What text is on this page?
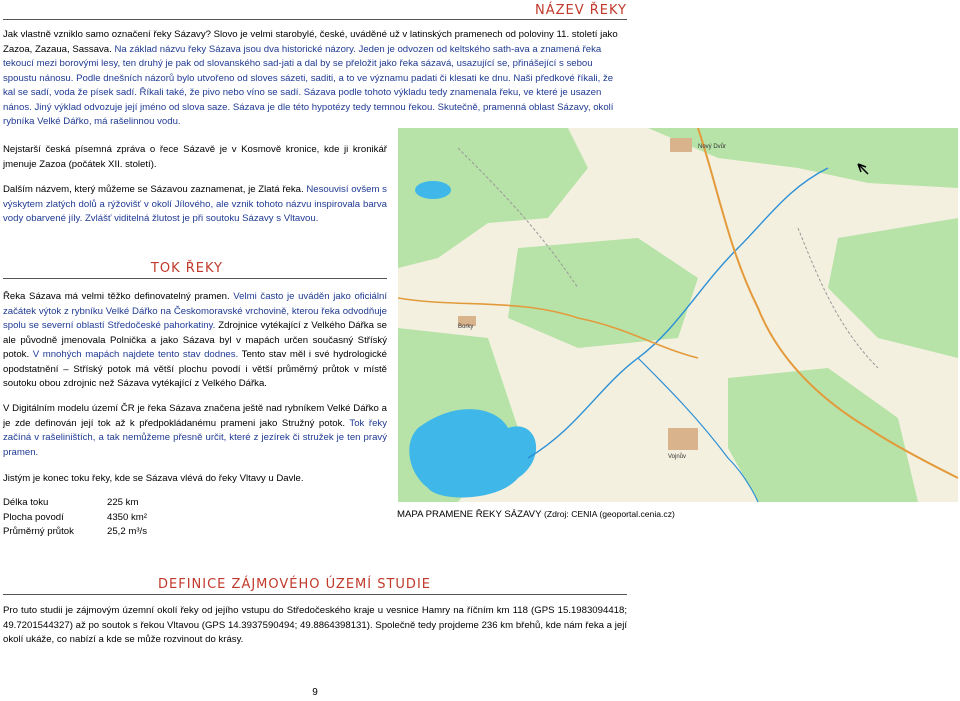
NÁZEV ŘEKY

Jak vlastně vzniklo samo označení řeky Sázavy? Slovo je velmi starobylé, české, uváděné už v latinských pramenech od poloviny 11. století jako Zazoa, Zazaua, Sassava. Na základ názvu řeky Sázava jsou dva historické názory. Jeden je odvozen od keltského sath-ava a znamená řeka tekoucí mezi borovými lesy, ten druhý je pak od slovanského sad-jati a dal by se přeložit jako řeka sázavá, usazující se, přinášející s sebou spoustu nánosu. Podle dnešních názorů bylo utvořeno od sloves sázeti, saditi, a to ve významu padati či klesati ke dnu. Naši předkové říkali, že kal se sadí, voda že písek sadí. Říkali také, že pivo nebo víno se sadí. Sázava podle tohoto výkladu tedy znamenala řeku, ve které je usazen nános. Jiný výklad odvozuje její jméno od slova saze. Sázava je dle této hypotézy tedy temnou řekou. Skutečně, pramenná oblast Sázavy, okolí rybníka Velké Dářko, má rašelinnou vodu.

Nejstarší česká písemná zpráva o řece Sázavě je v Kosmově kronice, kde ji kronikář jmenuje Zazoa (počátek XII. století).

Dalším názvem, který můžeme se Sázavou zaznamenat, je Zlatá řeka. Nesouvisí ovšem s výskytem zlatých dolů a rýžovišť v okolí Jílového, ale vznik tohoto názvu inspirovala barva vody obarvené jíly. Zvlášť viditelná žlutost je při soutoku Sázavy s Vltavou.

TOK ŘEKY

Řeka Sázava má velmi těžko definovatelný pramen. Velmi často je uváděn jako oficiální začátek výtok z rybníku Velké Dářko na Českomoravské vrchovině, kterou řeka odvodňuje spolu se severní oblastí Středočeské pahorkatiny. Zdrojnice vytékající z Velkého Dářka se ale původně jmenovala Polnička a jako Sázava byl v mapách určen současný Stříský potok. V mnohých mapách najdete tento stav dodnes. Tento stav měl i své hydrologické opodstatnění – Stříský potok má větší plochu povodí i větší průměrný průtok v místě soutoku obou zdrojnic než Sázava vytékající z Velkého Dářka.

V Digitálním modelu území ČR je řeka Sázava značena ještě nad rybníkem Velké Dářko a je zde definován její tok až k předpokládanému prameni jako Stružný potok. Tok řeky začíná v rašeliništích, a tak nemůžeme přesně určit, které z jezírek či stružek je ten pravý pramen.

Jistým je konec toku řeky, kde se Sázava vlévá do řeky Vltavy u Davle.

Délka toku	225 km
Plocha povodí	4350 km²
Průměrný průtok	25,2 m³/s
Nový Dvůr
Borky
Vojnův
MAPA PRAMENE ŘEKY SÁZAVY (Zdroj: CENIA (geoportal.cenia.cz)
DEFINICE ZÁJMOVÉHO ÚZEMÍ STUDIE

Pro tuto studii je zájmovým územní okolí řeky od jejího vstupu do Středočeského kraje u vesnice Hamry na říčním km 118 (GPS 15.1983094418; 49.7201544327) až po soutok s řekou Vltavou (GPS 14.3937590494; 49.8864398131). Společně tedy projdeme 236 km břehů, kde nám řeka a její okolí ukáže, co nabízí a kde se může rozvinout do krásy.

9
